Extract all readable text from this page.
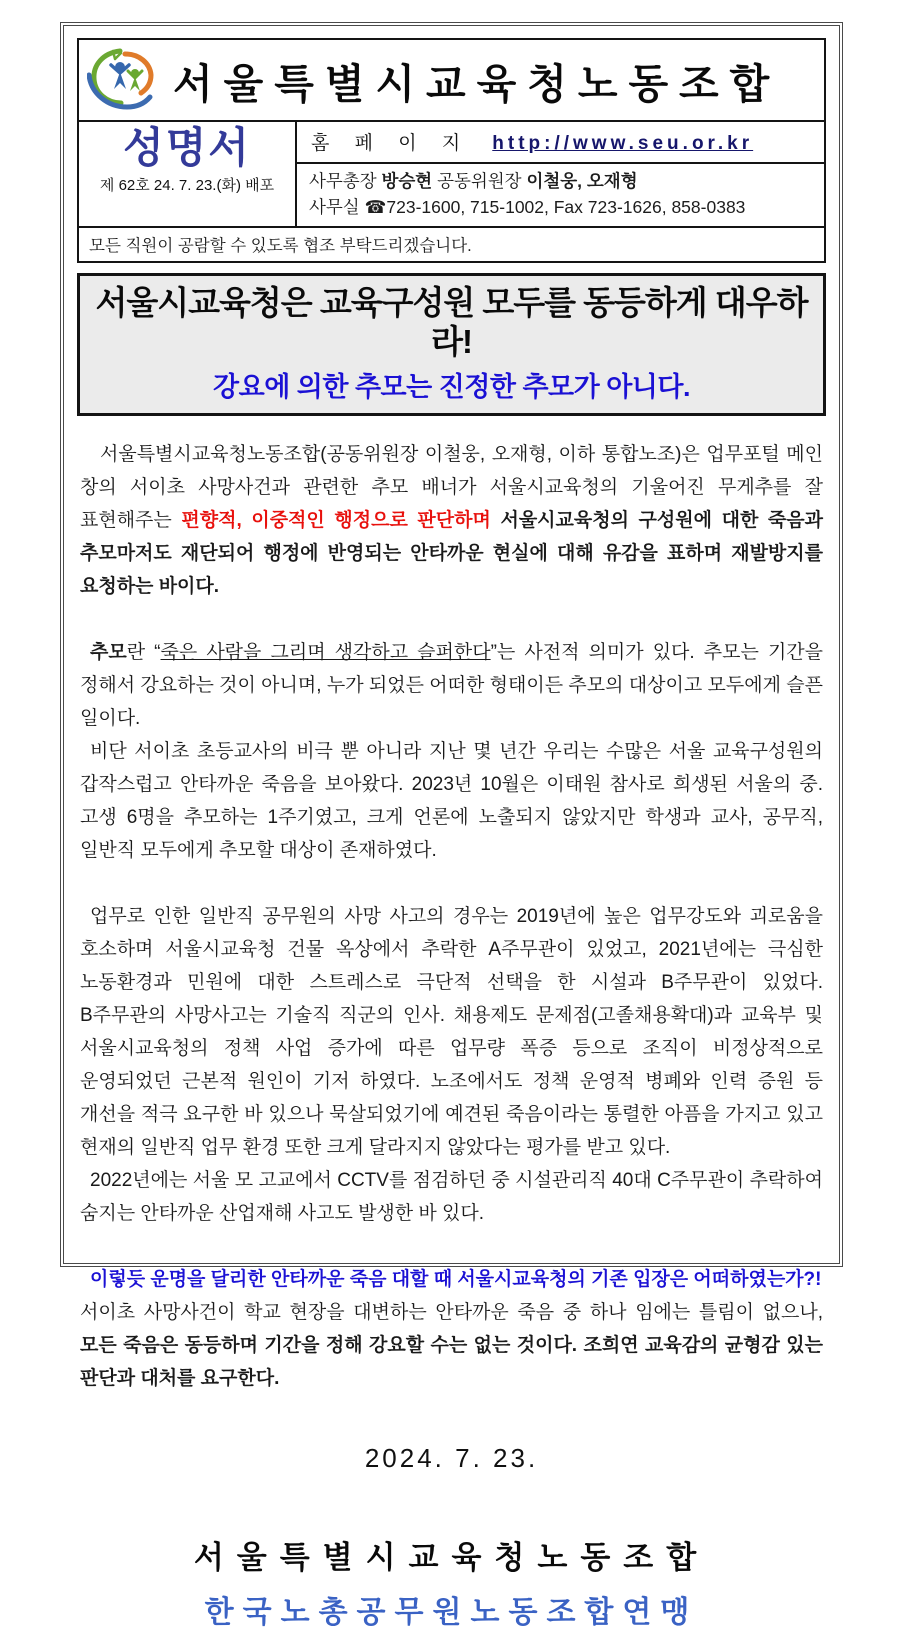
서울특별시교육청노동조합
성명서
제 62호 24. 7. 23.(화) 배포
홈 페 이 지 http://www.seu.or.kr
사무총장 방승현 공동위원장 이철웅, 오재형
사무실 ☎723-1600, 715-1002, Fax 723-1626, 858-0383
모든 직원이 공람할 수 있도록 협조 부탁드리겠습니다.
서울시교육청은 교육구성원 모두를 동등하게 대우하라!
강요에 의한 추모는 진정한 추모가 아니다.

서울특별시교육청노동조합(공동위원장 이철웅, 오재형, 이하 통합노조)은 업무포털 메인 창의 서이초 사망사건과 관련한 추모 배너가 서울시교육청의 기울어진 무게추를 잘 표현해주는 편향적, 이중적인 행정으로 판단하며 서울시교육청의 구성원에 대한 죽음과 추모마저도 재단되어 행정에 반영되는 안타까운 현실에 대해 유감을 표하며 재발방지를 요청하는 바이다.

추모란 “죽은 사람을 그리며 생각하고 슬퍼한다”는 사전적 의미가 있다. 추모는 기간을 정해서 강요하는 것이 아니며, 누가 되었든 어떠한 형태이든 추모의 대상이고 모두에게 슬픈 일이다.

비단 서이초 초등교사의 비극 뿐 아니라 지난 몇 년간 우리는 수많은 서울 교육구성원의 갑작스럽고 안타까운 죽음을 보아왔다. 2023년 10월은 이태원 참사로 희생된 서울의 중.고생 6명을 추모하는 1주기였고, 크게 언론에 노출되지 않았지만 학생과 교사, 공무직, 일반직 모두에게 추모할 대상이 존재하였다.

업무로 인한 일반직 공무원의 사망 사고의 경우는 2019년에 높은 업무강도와 괴로움을 호소하며 서울시교육청 건물 옥상에서 추락한 A주무관이 있었고, 2021년에는 극심한 노동환경과 민원에 대한 스트레스로 극단적 선택을 한 시설과 B주무관이 있었다. B주무관의 사망사고는 기술직 직군의 인사. 채용제도 문제점(고졸채용확대)과 교육부 및 서울시교육청의 정책 사업 증가에 따른 업무량 폭증 등으로 조직이 비정상적으로 운영되었던 근본적 원인이 기저 하였다. 노조에서도 정책 운영적 병폐와 인력 증원 등 개선을 적극 요구한 바 있으나 묵살되었기에 예견된 죽음이라는 통렬한 아픔을 가지고 있고 현재의 일반직 업무 환경 또한 크게 달라지지 않았다는 평가를 받고 있다.

2022년에는 서울 모 고교에서 CCTV를 점검하던 중 시설관리직 40대 C주무관이 추락하여 숨지는 안타까운 산업재해 사고도 발생한 바 있다.

이렇듯 운명을 달리한 안타까운 죽음 대할 때 서울시교육청의 기존 입장은 어떠하였는가?!

서이초 사망사건이 학교 현장을 대변하는 안타까운 죽음 중 하나 임에는 틀림이 없으나, 모든 죽음은 동등하며 기간을 정해 강요할 수는 없는 것이다. 조희연 교육감의 균형감 있는 판단과 대처를 요구한다.

2024. 7. 23.
서울특별시교육청노동조합
한국노총공무원노동조합연맹
